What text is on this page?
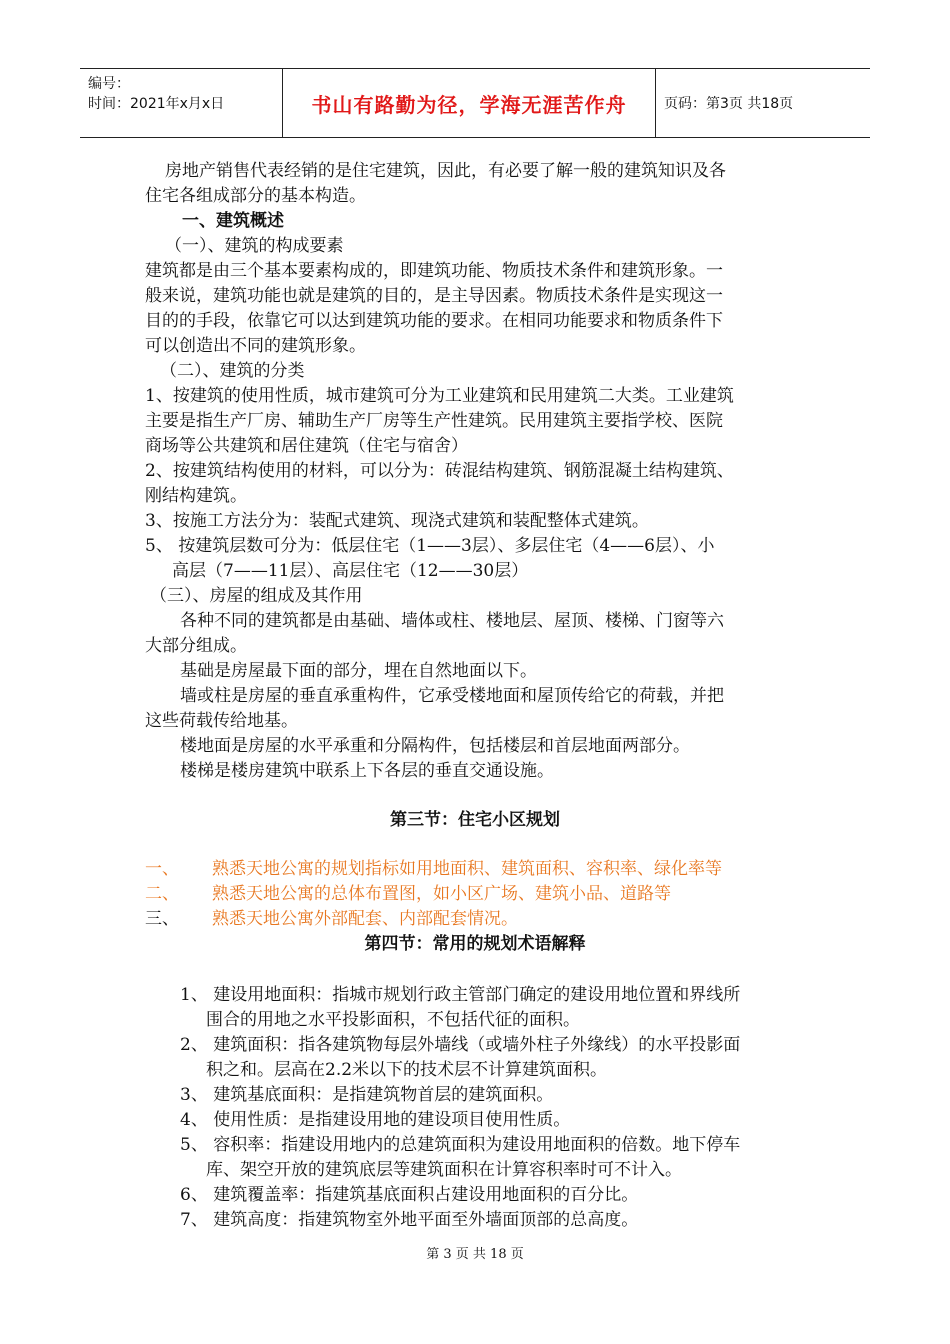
编号：
时间：2021年x月x日	书山有路勤为径，学海无涯苦作舟	页码：第3页 共18页

房地产销售代表经销的是住宅建筑，因此，有必要了解一般的建筑知识及各

住宅各组成部分的基本构造。

一、建筑概述

（一）、建筑的构成要素

建筑都是由三个基本要素构成的，即建筑功能、物质技术条件和建筑形象。一

般来说，建筑功能也就是建筑的目的，是主导因素。物质技术条件是实现这一

目的的手段，依靠它可以达到建筑功能的要求。在相同功能要求和物质条件下

可以创造出不同的建筑形象。

（二）、建筑的分类

1、按建筑的使用性质，城市建筑可分为工业建筑和民用建筑二大类。工业建筑

主要是指生产厂房、辅助生产厂房等生产性建筑。民用建筑主要指学校、医院

商场等公共建筑和居住建筑（住宅与宿舍）

2、按建筑结构使用的材料，可以分为：砖混结构建筑、钢筋混凝土结构建筑、

刚结构建筑。

3、按施工方法分为：装配式建筑、现浇式建筑和装配整体式建筑。

5、 按建筑层数可分为：低层住宅（1——3层）、多层住宅（4——6层）、小

高层（7——11层）、高层住宅（12——30层）

（三）、房屋的组成及其作用

各种不同的建筑都是由基础、墙体或柱、楼地层、屋顶、楼梯、门窗等六

大部分组成。

基础是房屋最下面的部分，埋在自然地面以下。

墙或柱是房屋的垂直承重构件，它承受楼地面和屋顶传给它的荷载，并把

这些荷载传给地基。

楼地面是房屋的水平承重和分隔构件，包括楼层和首层地面两部分。

楼梯是楼房建筑中联系上下各层的垂直交通设施。

第三节：住宅小区规划

一、 熟悉天地公寓的规划指标如用地面积、建筑面积、容积率、绿化率等

二、 熟悉天地公寓的总体布置图，如小区广场、建筑小品、道路等

三、 熟悉天地公寓外部配套、内部配套情况。

第四节：常用的规划术语解释

1、 建设用地面积：指城市规划行政主管部门确定的建设用地位置和界线所

围合的用地之水平投影面积，不包括代征的面积。

2、 建筑面积：指各建筑物每层外墙线（或墙外柱子外缘线）的水平投影面

积之和。层高在2.2米以下的技术层不计算建筑面积。

3、 建筑基底面积：是指建筑物首层的建筑面积。

4、 使用性质：是指建设用地的建设项目使用性质。

5、 容积率：指建设用地内的总建筑面积为建设用地面积的倍数。地下停车

库、架空开放的建筑底层等建筑面积在计算容积率时可不计入。

6、 建筑覆盖率：指建筑基底面积占建设用地面积的百分比。

7、 建筑高度：指建筑物室外地平面至外墙面顶部的总高度。

第 3 页 共 18 页
